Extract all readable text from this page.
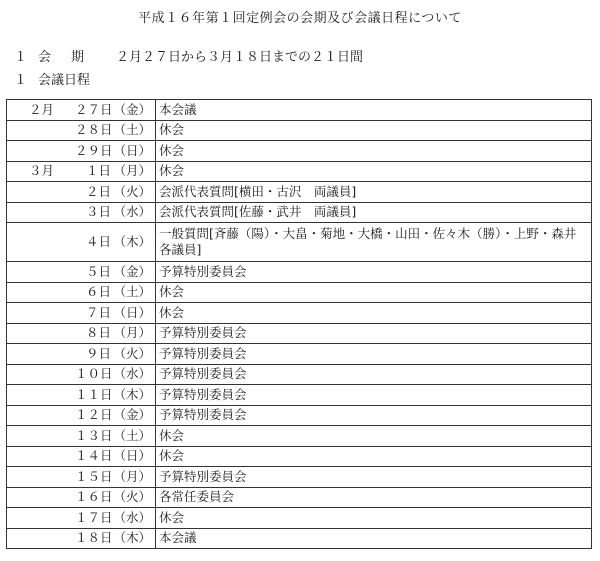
平成１６年第１回定例会の会期及び会議日程について
１ 会期 ２月２７日から３月１８日までの２１日間
１ 会議日程
２月 ２７日 （金）	本会議

２８日 （土）	休会

２９日 （日）	休会

３月 １日 （月）	休会

２日 （火）	会派代表質問[横田・古沢　両議員]

３日 （水）	会派代表質問[佐藤・武井　両議員]

４日 （木）	一般質問[斉藤（陽）・大畠・菊地・大橋・山田・佐々木（勝）・上野・森井　各議員]

５日 （金）	予算特別委員会

６日 （土）	休会

７日 （日）	休会

８日 （月）	予算特別委員会

９日 （火）	予算特別委員会

１０日 （水）	予算特別委員会

１１日 （木）	予算特別委員会

１２日 （金）	予算特別委員会

１３日 （土）	休会

１４日 （日）	休会

１５日 （月）	予算特別委員会

１６日 （火）	各常任委員会

１７日 （水）	休会

１８日 （木）	本会議
